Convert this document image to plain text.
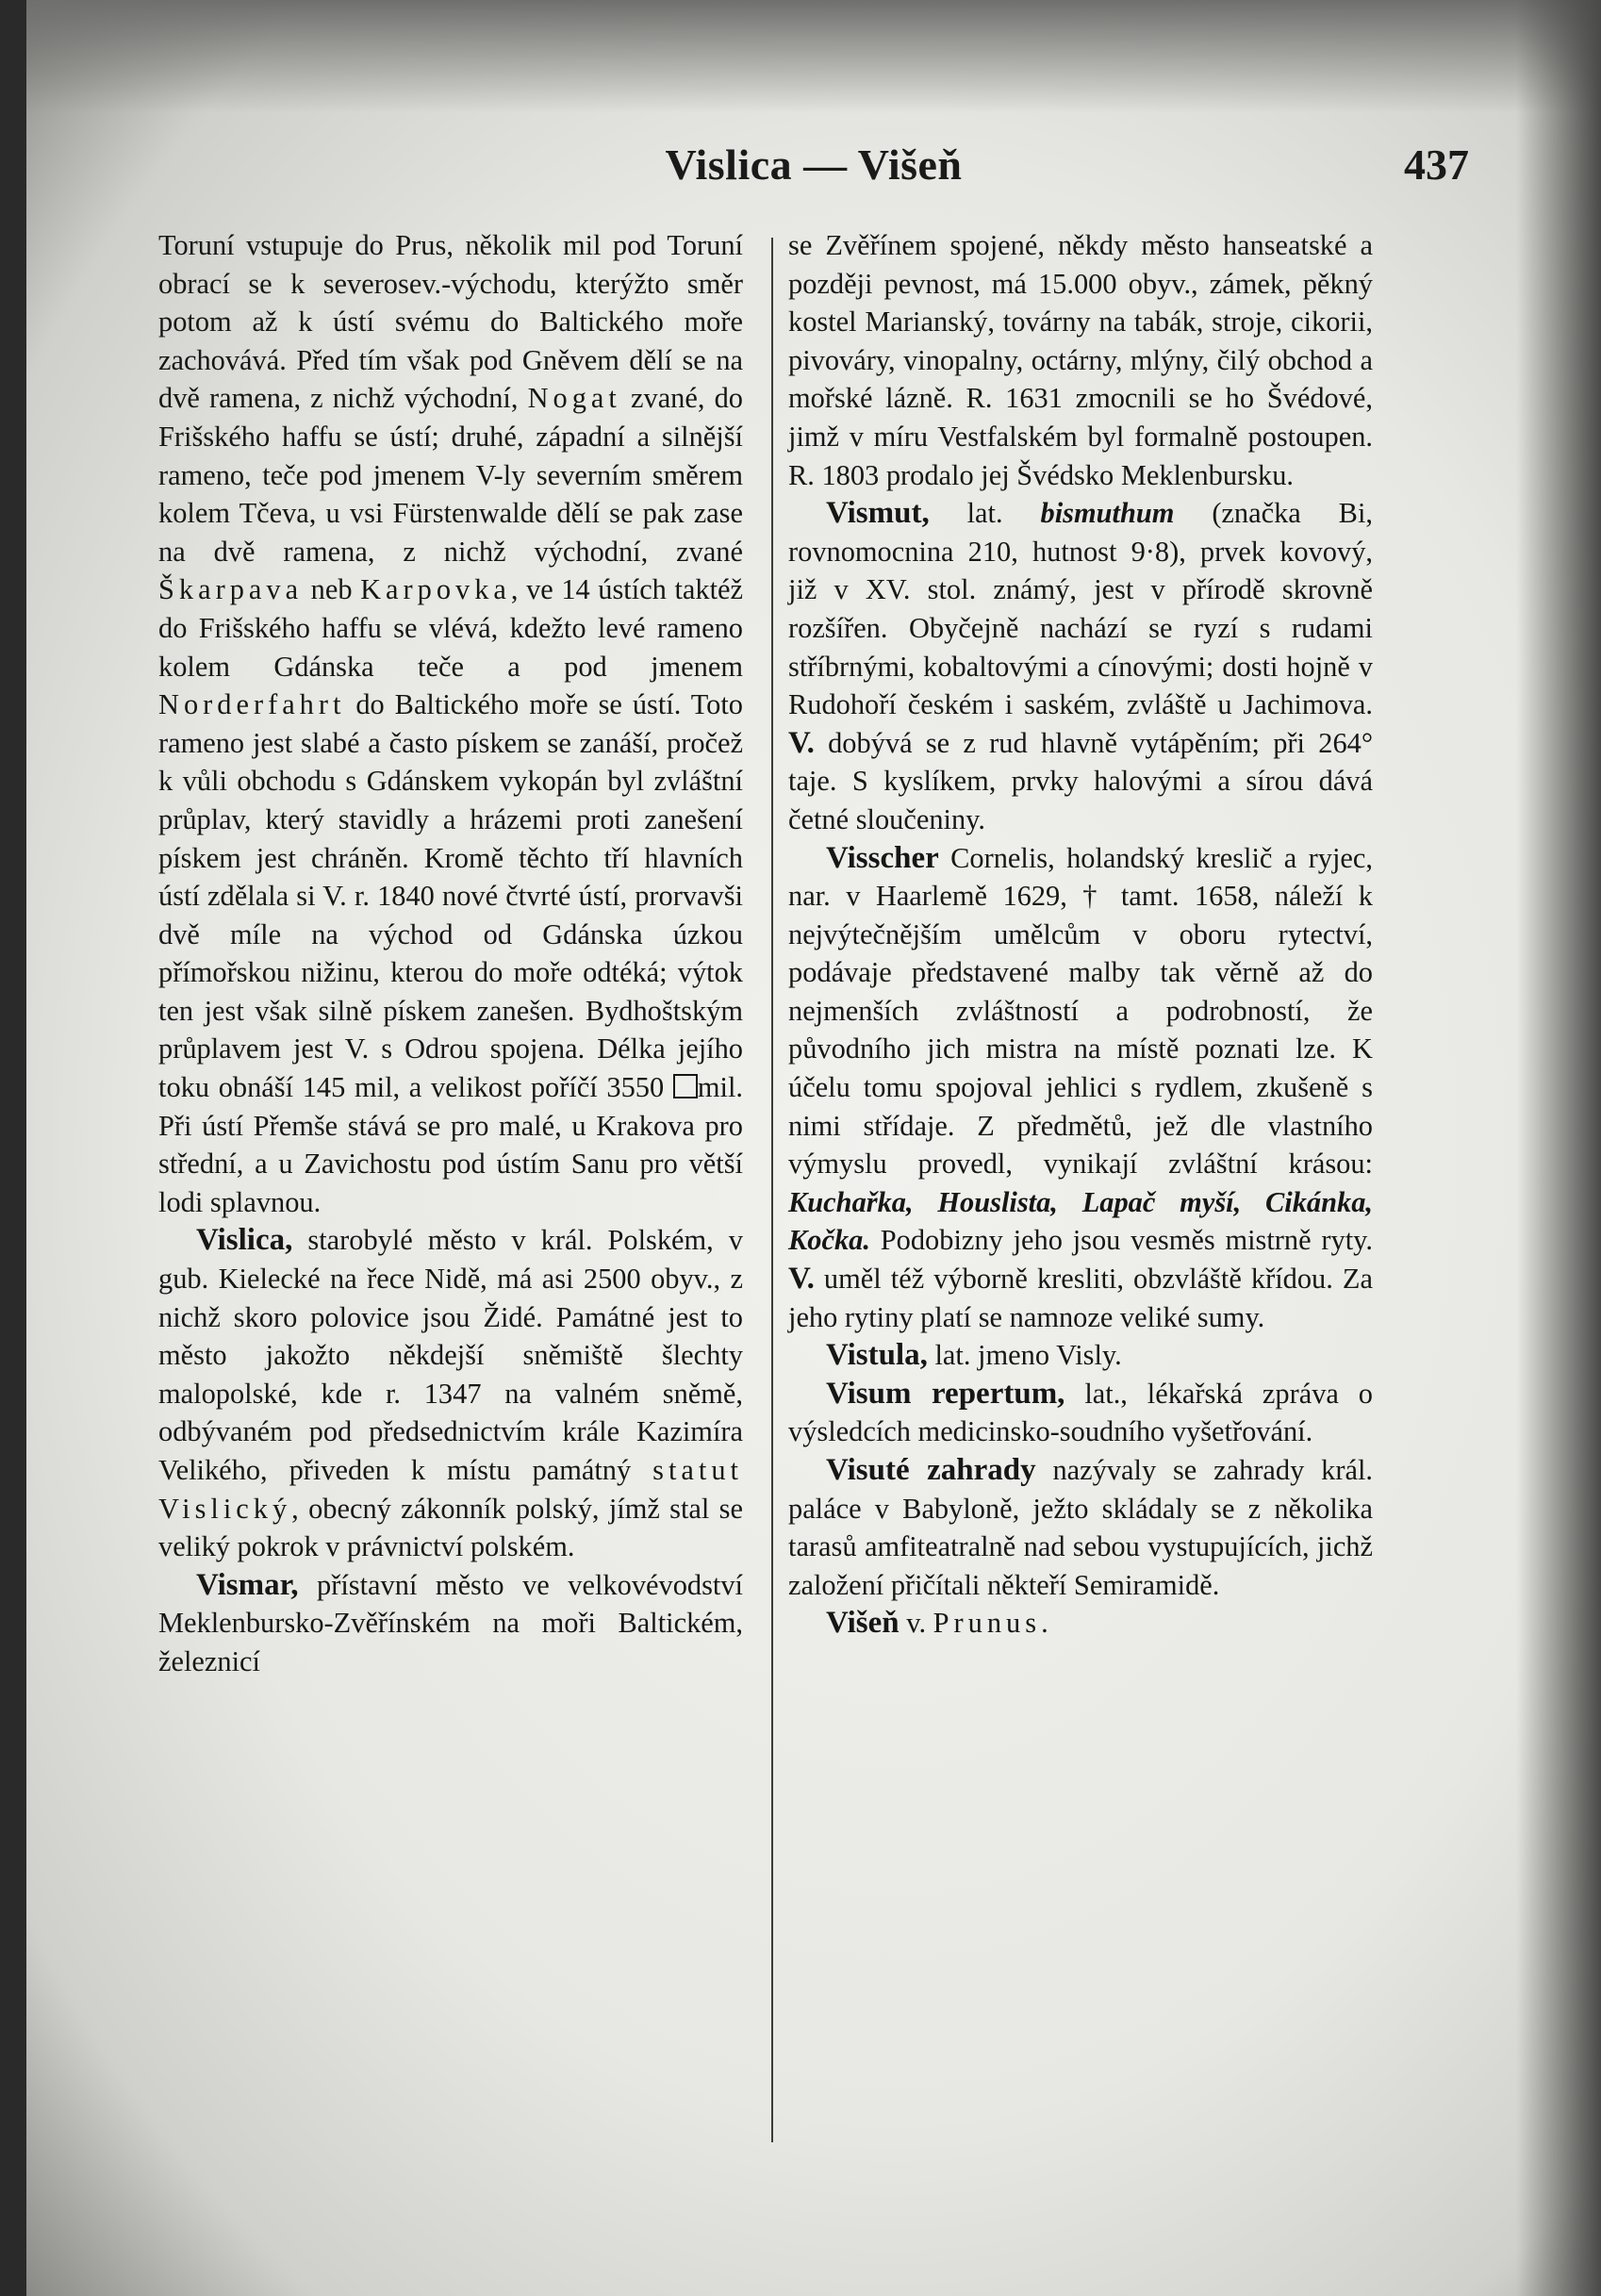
Vislica — Višeň	437

Toruní vstupuje do Prus, několik mil pod Toruní obrací se k severosev.-východu, kterýžto směr potom až k ústí svému do Baltického moře zachovává. Před tím však pod Gněvem dělí se na dvě ramena, z nichž východní, Nogat zvané, do Frišského haffu se ústí; druhé, západní a silnější rameno, teče pod jmenem V-ly severním směrem kolem Tčeva, u vsi Fürstenwalde dělí se pak zase na dvě ramena, z nichž východní, zvané Škarpava neb Karpovka, ve 14 ústích taktéž do Frišského haffu se vlévá, kdežto levé rameno kolem Gdánska teče a pod jmenem Norderfahrt do Baltického moře se ústí. Toto rameno jest slabé a často pískem se zanáší, pročež k vůli obchodu s Gdánskem vykopán byl zvláštní průplav, který stavidly a hrázemi proti zanešení pískem jest chráněn. Kromě těchto tří hlavních ústí zdělala si V. r. 1840 nové čtvrté ústí, prorvavši dvě míle na východ od Gdánska úzkou přímořskou nižinu, kterou do moře odtéká; výtok ten jest však silně pískem zanešen. Bydhoštským průplavem jest V. s Odrou spojena. Délka jejího toku obnáší 145 mil, a velikost poříčí 3550 mil. Při ústí Přemše stává se pro malé, u Krakova pro střední, a u Zavichostu pod ústím Sanu pro větší lodi splavnou.

Vislica, starobylé město v král. Polském, v gub. Kielecké na řece Nidě, má asi 2500 obyv., z nichž skoro polovice jsou Židé. Památné jest to město jakožto někdejší sněmiště šlechty malopolské, kde r. 1347 na valném sněmě, odbývaném pod předsednictvím krále Kazimíra Velikého, přiveden k místu památný statut Vislický, obecný zákonník polský, jímž stal se veliký pokrok v právnictví polském.

Vismar, přístavní město ve velkovévodství Meklenbursko-Zvěřínském na moři Baltickém, železnicí

se Zvěřínem spojené, někdy město hanseatské a později pevnost, má 15.000 obyv., zámek, pěkný kostel Marianský, továrny na tabák, stroje, cikorii, pivováry, vinopalny, octárny, mlýny, čilý obchod a mořské lázně. R. 1631 zmocnili se ho Švédové, jimž v míru Vestfalském byl formalně postoupen. R. 1803 prodalo jej Švédsko Meklenbursku.

Vismut, lat. bismuthum (značka Bi, rovnomocnina 210, hutnost 9·8), prvek kovový, již v XV. stol. známý, jest v přírodě skrovně rozšířen. Obyčejně nachází se ryzí s rudami stříbrnými, kobaltovými a cínovými; dosti hojně v Rudohoří českém i saském, zvláště u Jachimova. V. dobývá se z rud hlavně vytápěním; při 264° taje. S kyslíkem, prvky halovými a sírou dává četné sloučeniny.

Visscher Cornelis, holandský kreslič a ryjec, nar. v Haarlemě 1629, † tamt. 1658, náleží k nejvýtečnějším umělcům v oboru rytectví, podávaje představené malby tak věrně až do nejmenších zvláštností a podrobností, že původního jich mistra na místě poznati lze. K účelu tomu spojoval jehlici s rydlem, zkušeně s nimi střídaje. Z předmětů, jež dle vlastního výmyslu provedl, vynikají zvláštní krásou: Kuchařka, Houslista, Lapač myší, Cikánka, Kočka. Podobizny jeho jsou vesměs mistrně ryty. V. uměl též výborně kresliti, obzvláště křídou. Za jeho rytiny platí se namnoze veliké sumy.

Vistula, lat. jmeno Visly.

Visum repertum, lat., lékařská zpráva o výsledcích medicinsko-soudního vyšetřování.

Visuté zahrady nazývaly se zahrady král. paláce v Babyloně, ježto skládaly se z několika tarasů amfiteatralně nad sebou vystupujících, jichž založení přičítali někteří Semiramidě.

Višeň v. Prunus.
